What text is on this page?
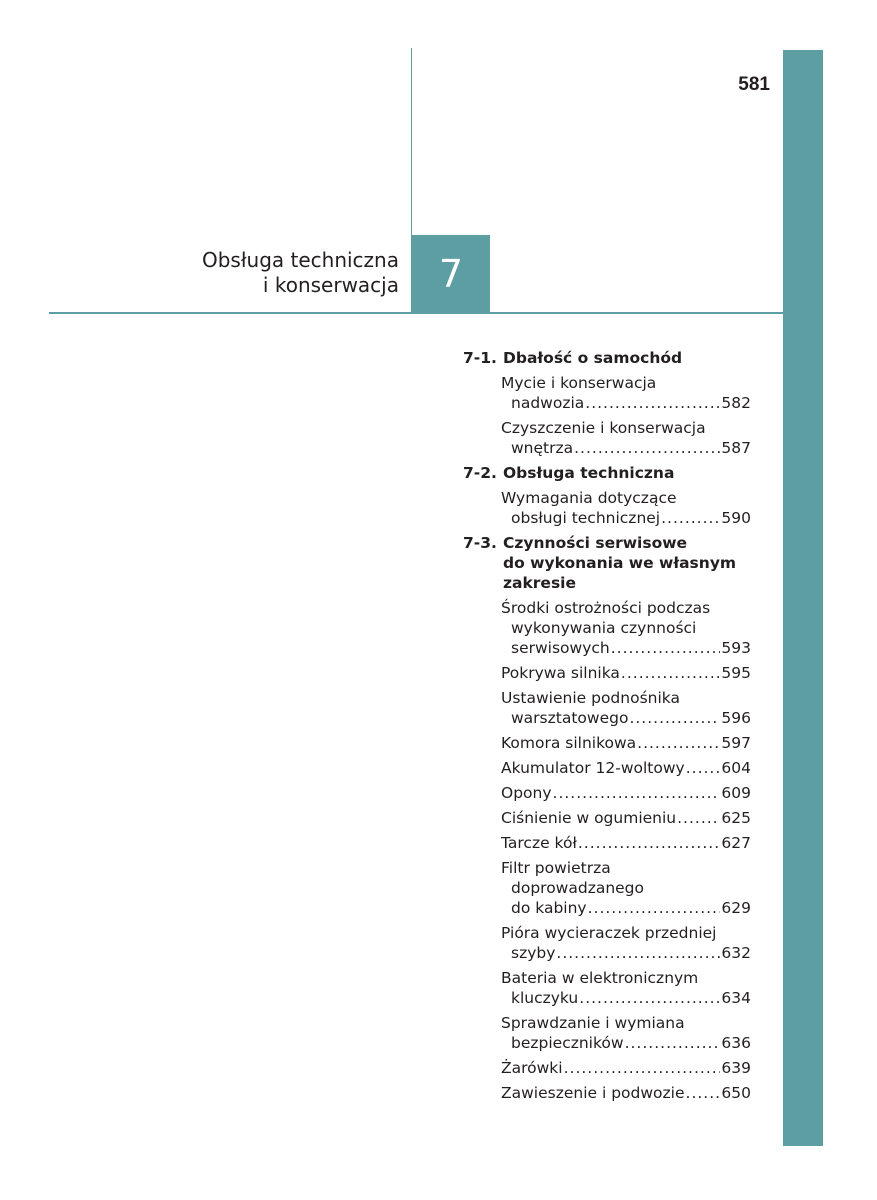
581
7
Obsługa techniczna
i konserwacja
7-1. Dbałość o samochód
Mycie i konserwacja
nadwozia .....	582
Czyszczenie i konserwacja
wnętrza .....	587
7-2. Obsługa techniczna
Wymagania dotyczące
obsługi technicznej .....	590
7-3. Czynności serwisowe
do wykonania we własnym
zakresie
Środki ostrożności podczas
wykonywania czynności
serwisowych .....	593
Pokrywa silnika .....	595
Ustawienie podnośnika
warsztatowego .....	596
Komora silnikowa .....	597
Akumulator 12-woltowy ..... 604
Opony .....	609
Ciśnienie w ogumieniu .....	625
Tarcze kół .....	627
Filtr powietrza
doprowadzanego
do kabiny .....	629
Pióra wycieraczek przedniej
szyby .....	632
Bateria w elektronicznym
kluczyku .....	634
Sprawdzanie i wymiana
bezpieczników .....	636
Żarówki .....	639
Zawieszenie i podwozie ..... 650
